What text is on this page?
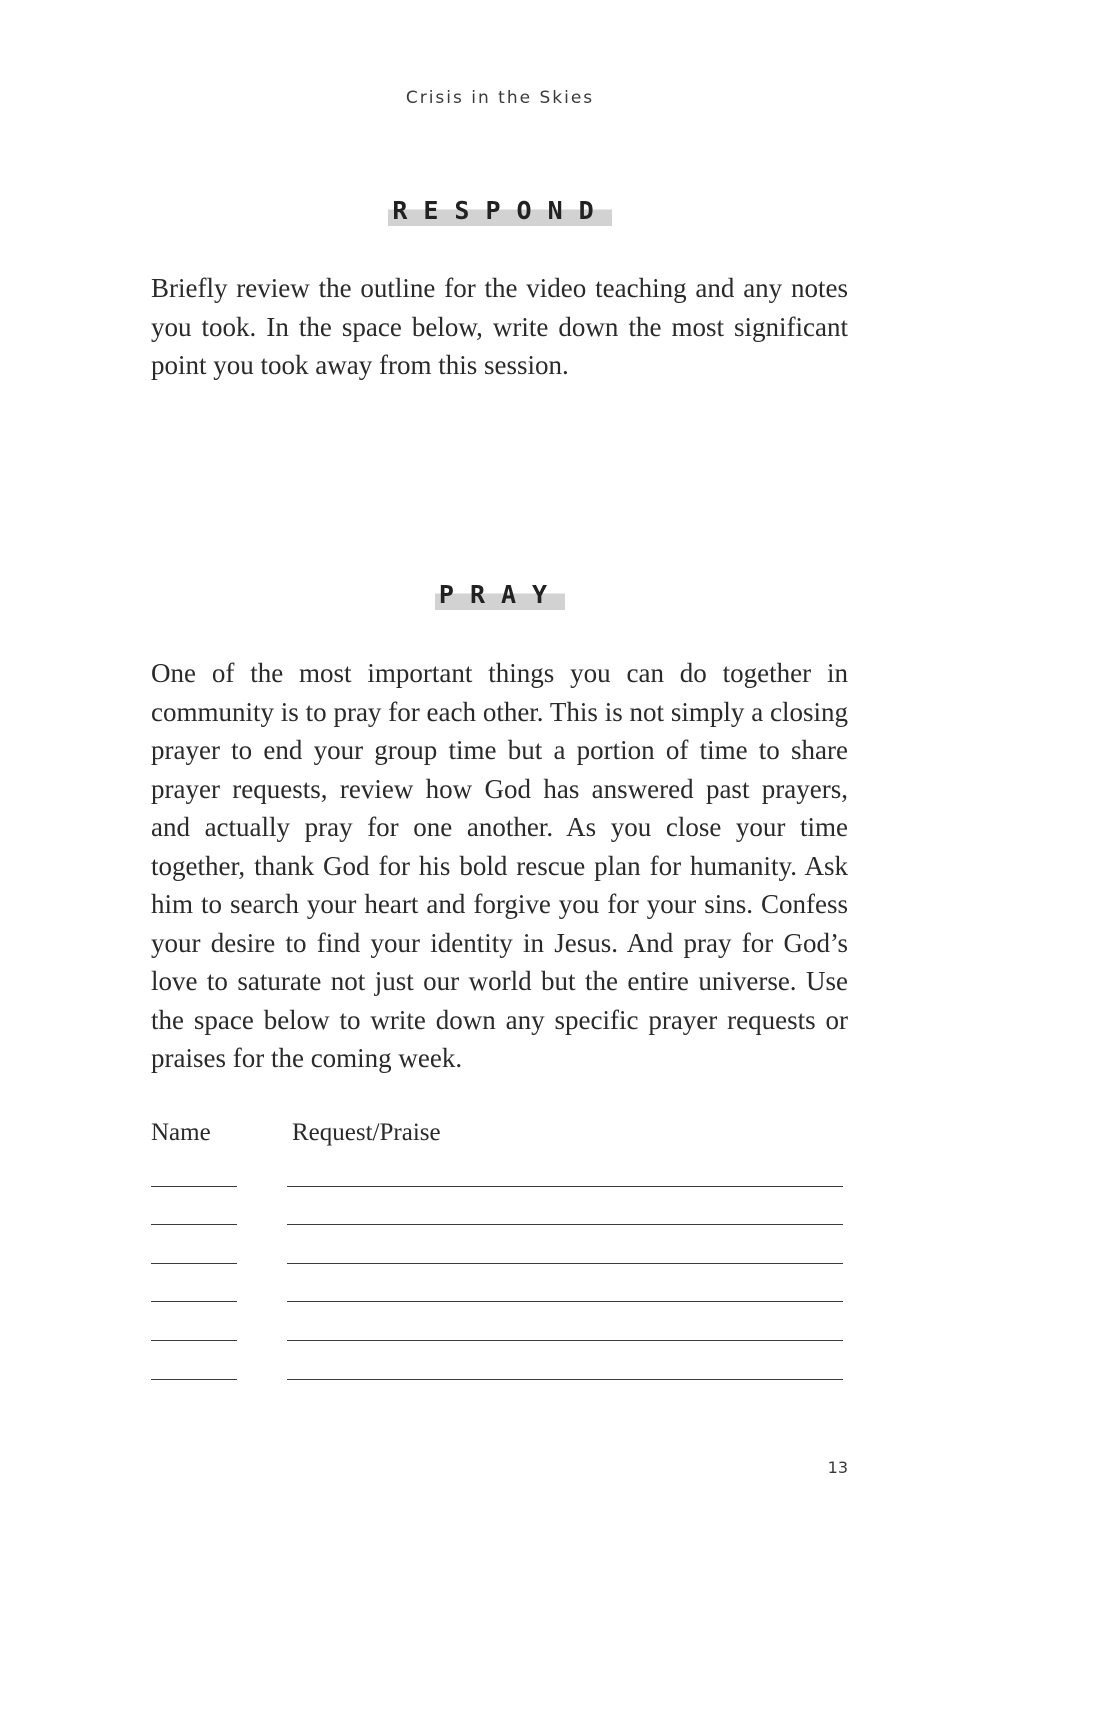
Crisis in the Skies
RESPOND

Briefly review the outline for the video teaching and any notes you took. In the space below, write down the most significant point you took away from this session.

PRAY

One of the most important things you can do together in community is to pray for each other. This is not simply a closing prayer to end your group time but a portion of time to share prayer requests, review how God has answered past prayers, and actually pray for one another. As you close your time together, thank God for his bold rescue plan for humanity. Ask him to search your heart and forgive you for your sins. Confess your desire to find your identity in Jesus. And pray for God’s love to saturate not just our world but the entire universe. Use the space below to write down any specific prayer requests or praises for the coming week.

Name	Request/Praise
13
